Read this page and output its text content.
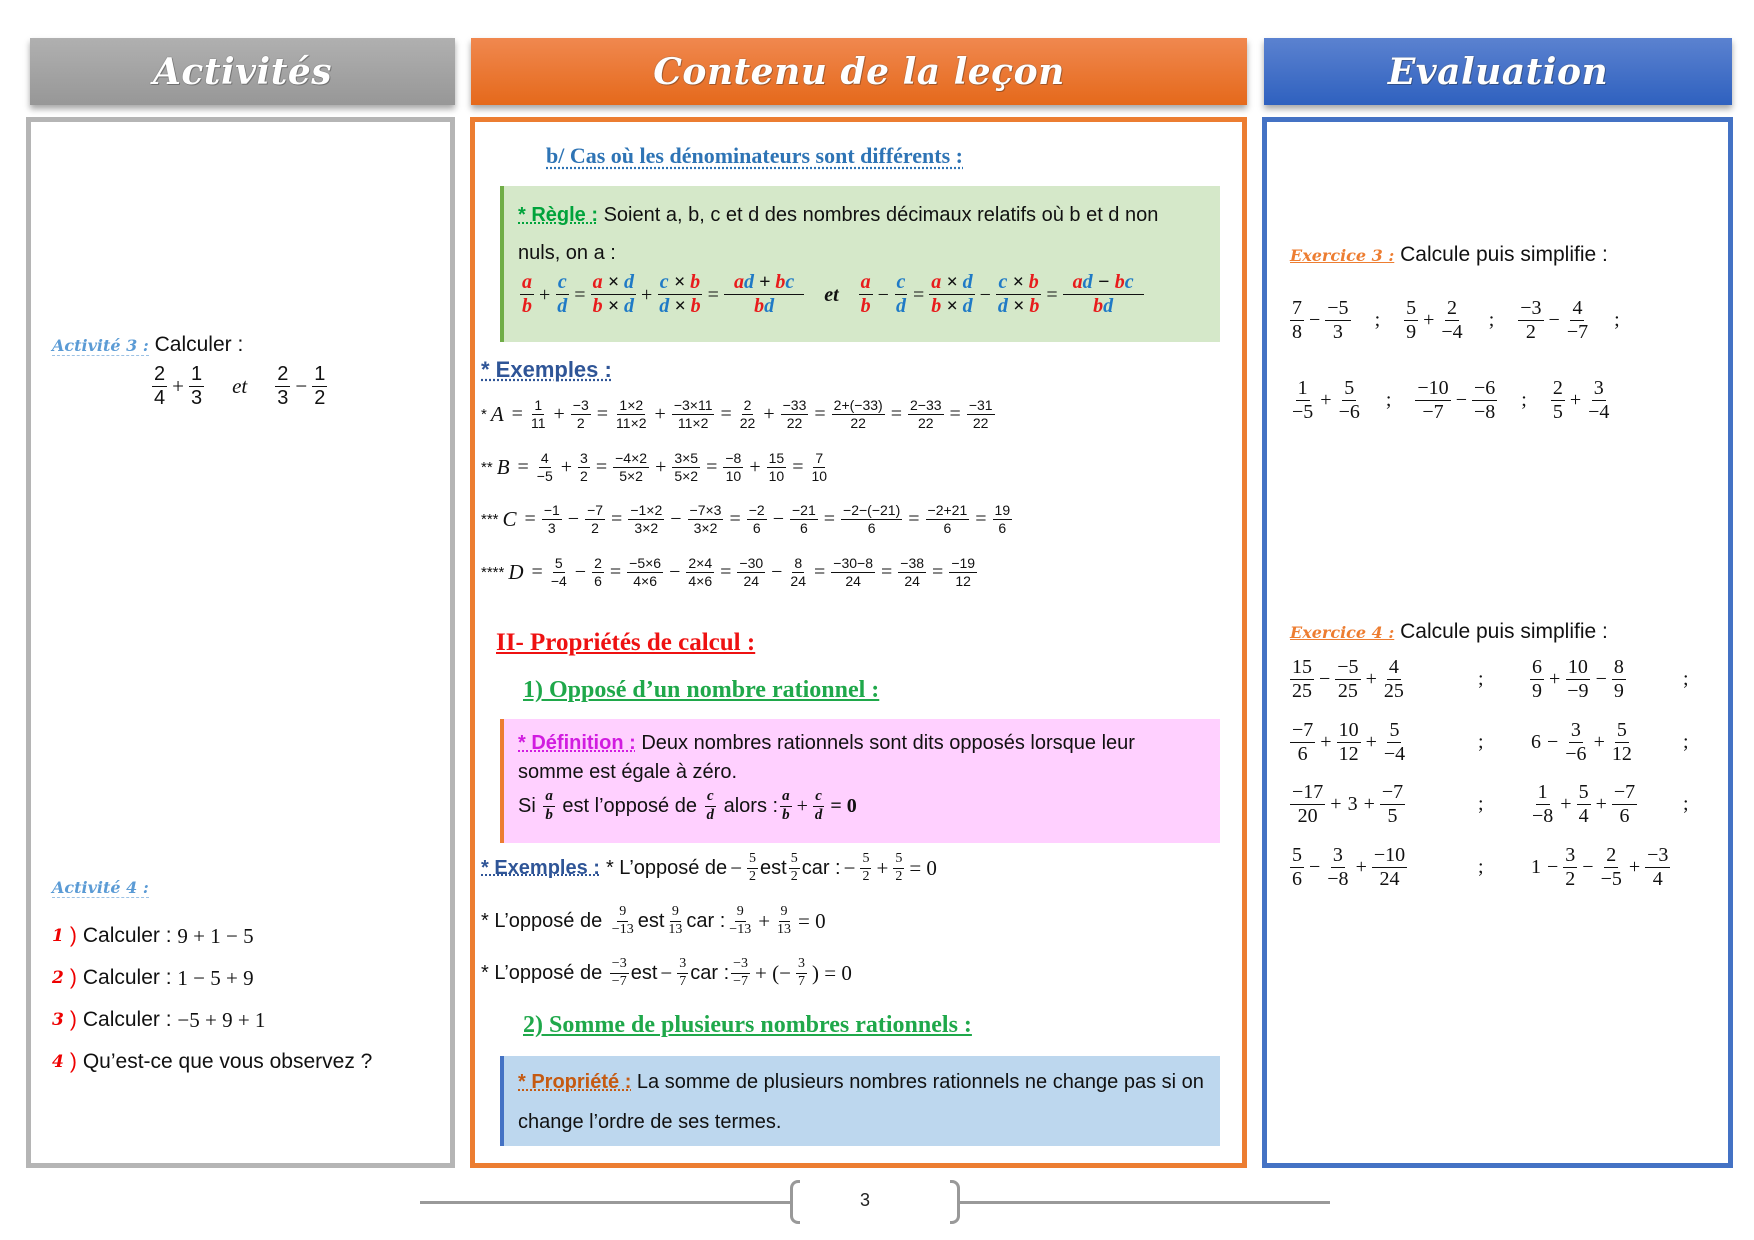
Activités	Contenu de la leçon	Evaluation
Activité 3 : Calculer :
$\frac{2}{4} + \frac{1}{3}$ et $\frac{2}{3} - \frac{1}{2}$
Activité 4 :
1 ) Calculer :
9 + 1 − 5
2 ) Calculer :
1 − 5 + 9
3 ) Calculer :
−5 + 9 + 1
4 ) Qu’est-ce que vous observez ?
b/ Cas où les dénominateurs sont différents :
* Règle : Soient a, b, c et d des nombres décimaux relatifs où b et d non nuls, on a :
$\frac{a}{b} + \frac{c}{d} = \frac{a \times d}{b \times d} + \frac{c \times b}{d \times b} = \frac{ad + bc}{bd}$ et $\frac{a}{b} - \frac{c}{d} = \frac{a \times d}{b \times d} - \frac{c \times b}{d \times b} = \frac{ad - bc}{bd}$
* Exemples :
* $A = \frac{1}{11} + \frac{-3}{2} = \frac{1\times 2}{11\times 2} + \frac{-3\times 11}{11\times 2} = \frac{2}{22} + \frac{-33}{22} = \frac{2+(-33)}{22} = \frac{2-33}{22} = \frac{-31}{22}$
** $B = \frac{4}{-5} + \frac{3}{2} = \frac{-4\times 2}{5\times 2} + \frac{3\times 5}{5\times 2} = \frac{-8}{10} + \frac{15}{10} = \frac{7}{10}$
*** $C = \frac{-1}{3} - \frac{-7}{2} = \frac{-1\times 2}{3\times 2} - \frac{-7\times 3}{3\times 2} = \frac{-2}{6} - \frac{-21}{6} = \frac{-2-(-21)}{6} = \frac{-2+21}{6} = \frac{19}{6}$
**** $D = \frac{5}{-4} - \frac{2}{6} = \frac{-5\times 6}{4\times 6} - \frac{2\times 4}{4\times 6} = \frac{-30}{24} - \frac{8}{24} = \frac{-30-8}{24} = \frac{-38}{24} = \frac{-19}{12}$
II- Propriétés de calcul :
1) Opposé d’un nombre rationnel :
* Définition : Deux nombres rationnels sont dits opposés lorsque leur somme est égale à zéro.
Si
$\frac{a}{b}$
est l’opposé de
$\frac{c}{d}$
alors : $\frac{a}{b} + \frac{c}{d} = 0$
* Exemples : * L’opposé de − $\frac{5}{2}$ est $\frac{5}{2}$ car : − $\frac{5}{2} + \frac{5}{2} = 0$
* L’opposé de
$\frac{9}{-13}$ est $\frac{9}{13}$ car : $\frac{9}{-13} + \frac{9}{13} = 0$
* L’opposé de
$\frac{-3}{-7}$ est − $\frac{3}{7}$ car : $\frac{-3}{-7}$ + (− $\frac{3}{7}$ ) = 0
2) Somme de plusieurs nombres rationnels :
* Propriété : La somme de plusieurs nombres rationnels ne change pas si on change l’ordre de ses termes.
Exercice 3 : Calcule puis simplifie :
$\frac{7}{8} - \frac{-5}{3}$ ; $\frac{5}{9} + \frac{2}{-4}$ ; $\frac{-3}{2} - \frac{4}{-7}$ ;
$\frac{1}{-5} + \frac{5}{-6}$ ; $\frac{-10}{-7} - \frac{-6}{-8}$ ; $\frac{2}{5} + \frac{3}{-4}$
Exercice 4 : Calcule puis simplifie :
$\frac{15}{25} - \frac{-5}{25} + \frac{4}{25}$	;	$\frac{6}{9} + \frac{10}{-9} - \frac{8}{9}$	;
$\frac{-7}{6} + \frac{10}{12} + \frac{5}{-4}$	;	$6 - \frac{3}{-6} + \frac{5}{12}$ ;
$\frac{-17}{20} + 3 + \frac{-7}{5}$	;	$\frac{1}{-8} + \frac{5}{4} + \frac{-7}{6}$ ;
$\frac{5}{6} - \frac{3}{-8} + \frac{-10}{24}$	;	$1 - \frac{3}{2} - \frac{2}{-5} + \frac{-3}{4}$
3
